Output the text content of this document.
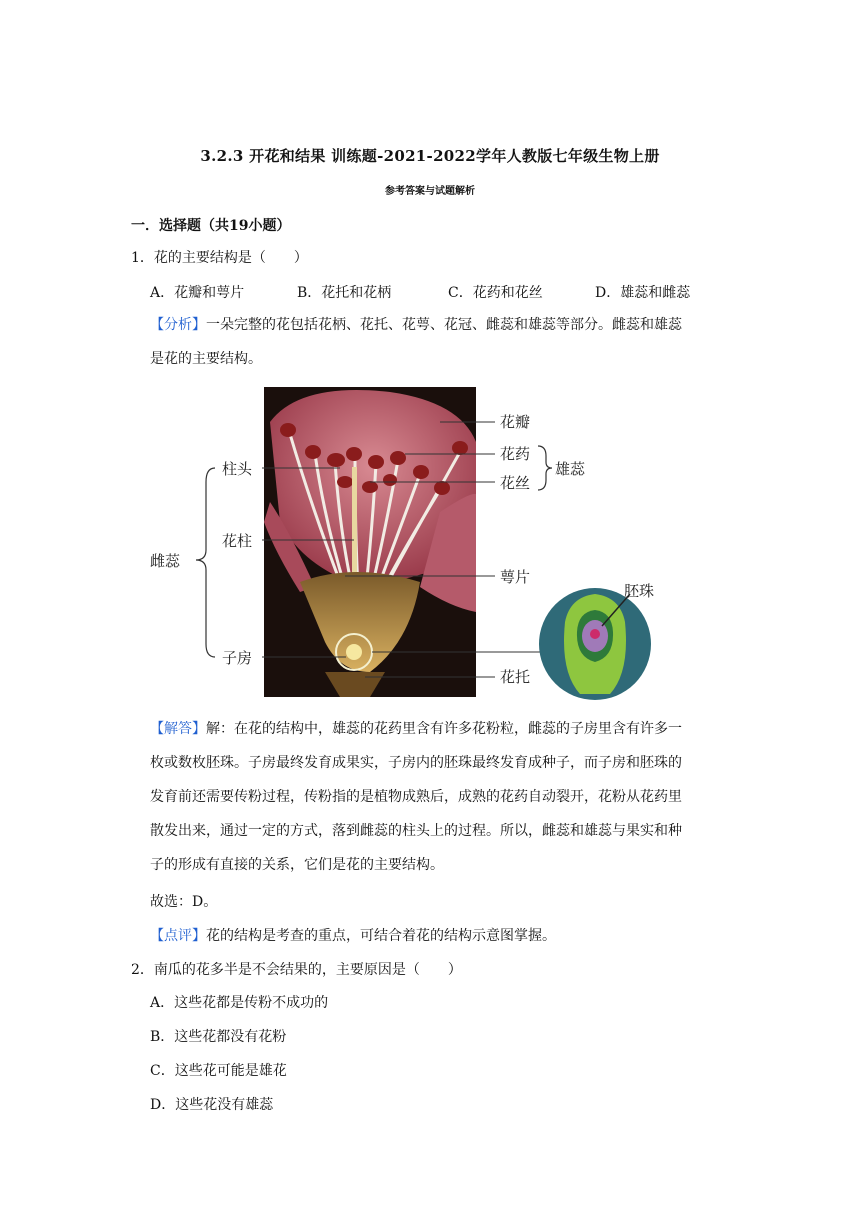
3.2.3 开花和结果 训练题-2021-2022学年人教版七年级生物上册
参考答案与试题解析
一．选择题（共19小题）
1．花的主要结构是（　　）
A．花瓣和萼片	B．花托和花柄	C．花药和花丝	D．雄蕊和雌蕊
【分析】一朵完整的花包括花柄、花托、花萼、花冠、雌蕊和雄蕊等部分。雌蕊和雄蕊
是花的主要结构。
花瓣
花药
花丝
雄蕊
萼片
花托
柱头
花柱
子房
雌蕊
胚珠
【解答】解：在花的结构中，雄蕊的花药里含有许多花粉粒，雌蕊的子房里含有许多一
枚或数枚胚珠。子房最终发育成果实，子房内的胚珠最终发育成种子，而子房和胚珠的
发育前还需要传粉过程，传粉指的是植物成熟后，成熟的花药自动裂开，花粉从花药里
散发出来，通过一定的方式，落到雌蕊的柱头上的过程。所以，雌蕊和雄蕊与果实和种
子的形成有直接的关系，它们是花的主要结构。
故选：D。
【点评】花的结构是考查的重点，可结合着花的结构示意图掌握。
2．南瓜的花多半是不会结果的，主要原因是（　　）
A．这些花都是传粉不成功的
B．这些花都没有花粉
C．这些花可能是雄花
D．这些花没有雄蕊
